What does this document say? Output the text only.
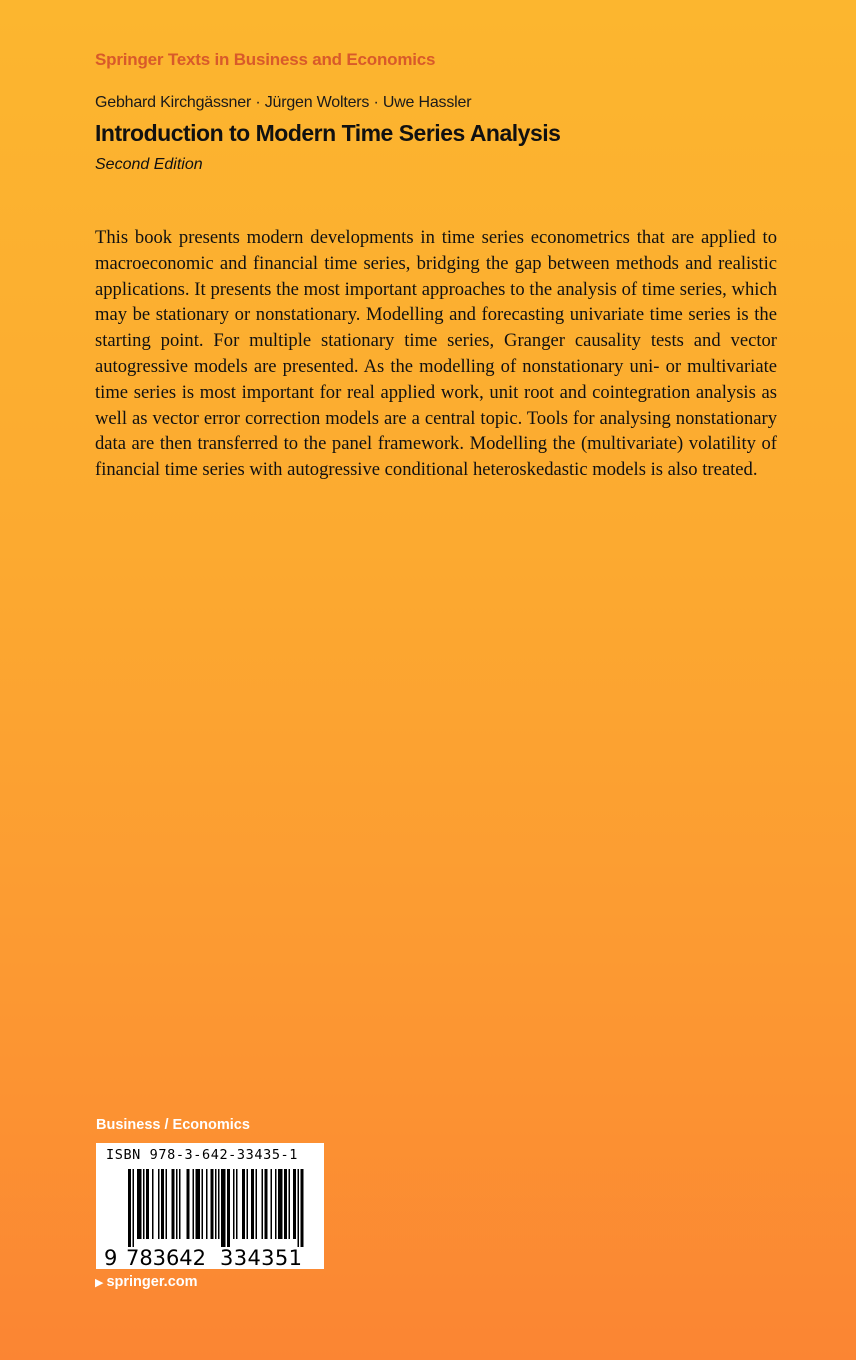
Springer Texts in Business and Economics
Gebhard Kirchgässner · Jürgen Wolters · Uwe Hassler
Introduction to Modern Time Series Analysis
Second Edition

This book presents modern developments in time series econometrics that are applied to macroeconomic and financial time series, bridging the gap between methods and realistic applications. It presents the most important approaches to the analysis of time series, which may be stationary or nonstationary. Modelling and forecasting univariate time series is the starting point. For multiple stationary time series, Granger causality tests and vector autogressive models are presented. As the modelling of nonstationary uni- or multivariate time series is most important for real applied work, unit root and cointegration analysis as well as vector error correction models are a central topic. Tools for analysing nonstationary data are then transferred to the panel framework. Modelling the (multivariate) volatility of financial time series with autogressive conditional heteroskedastic models is also treated.

Business / Economics
ISBN 978-3-642-33435-1
9 783642 334351
▶ springer.com
